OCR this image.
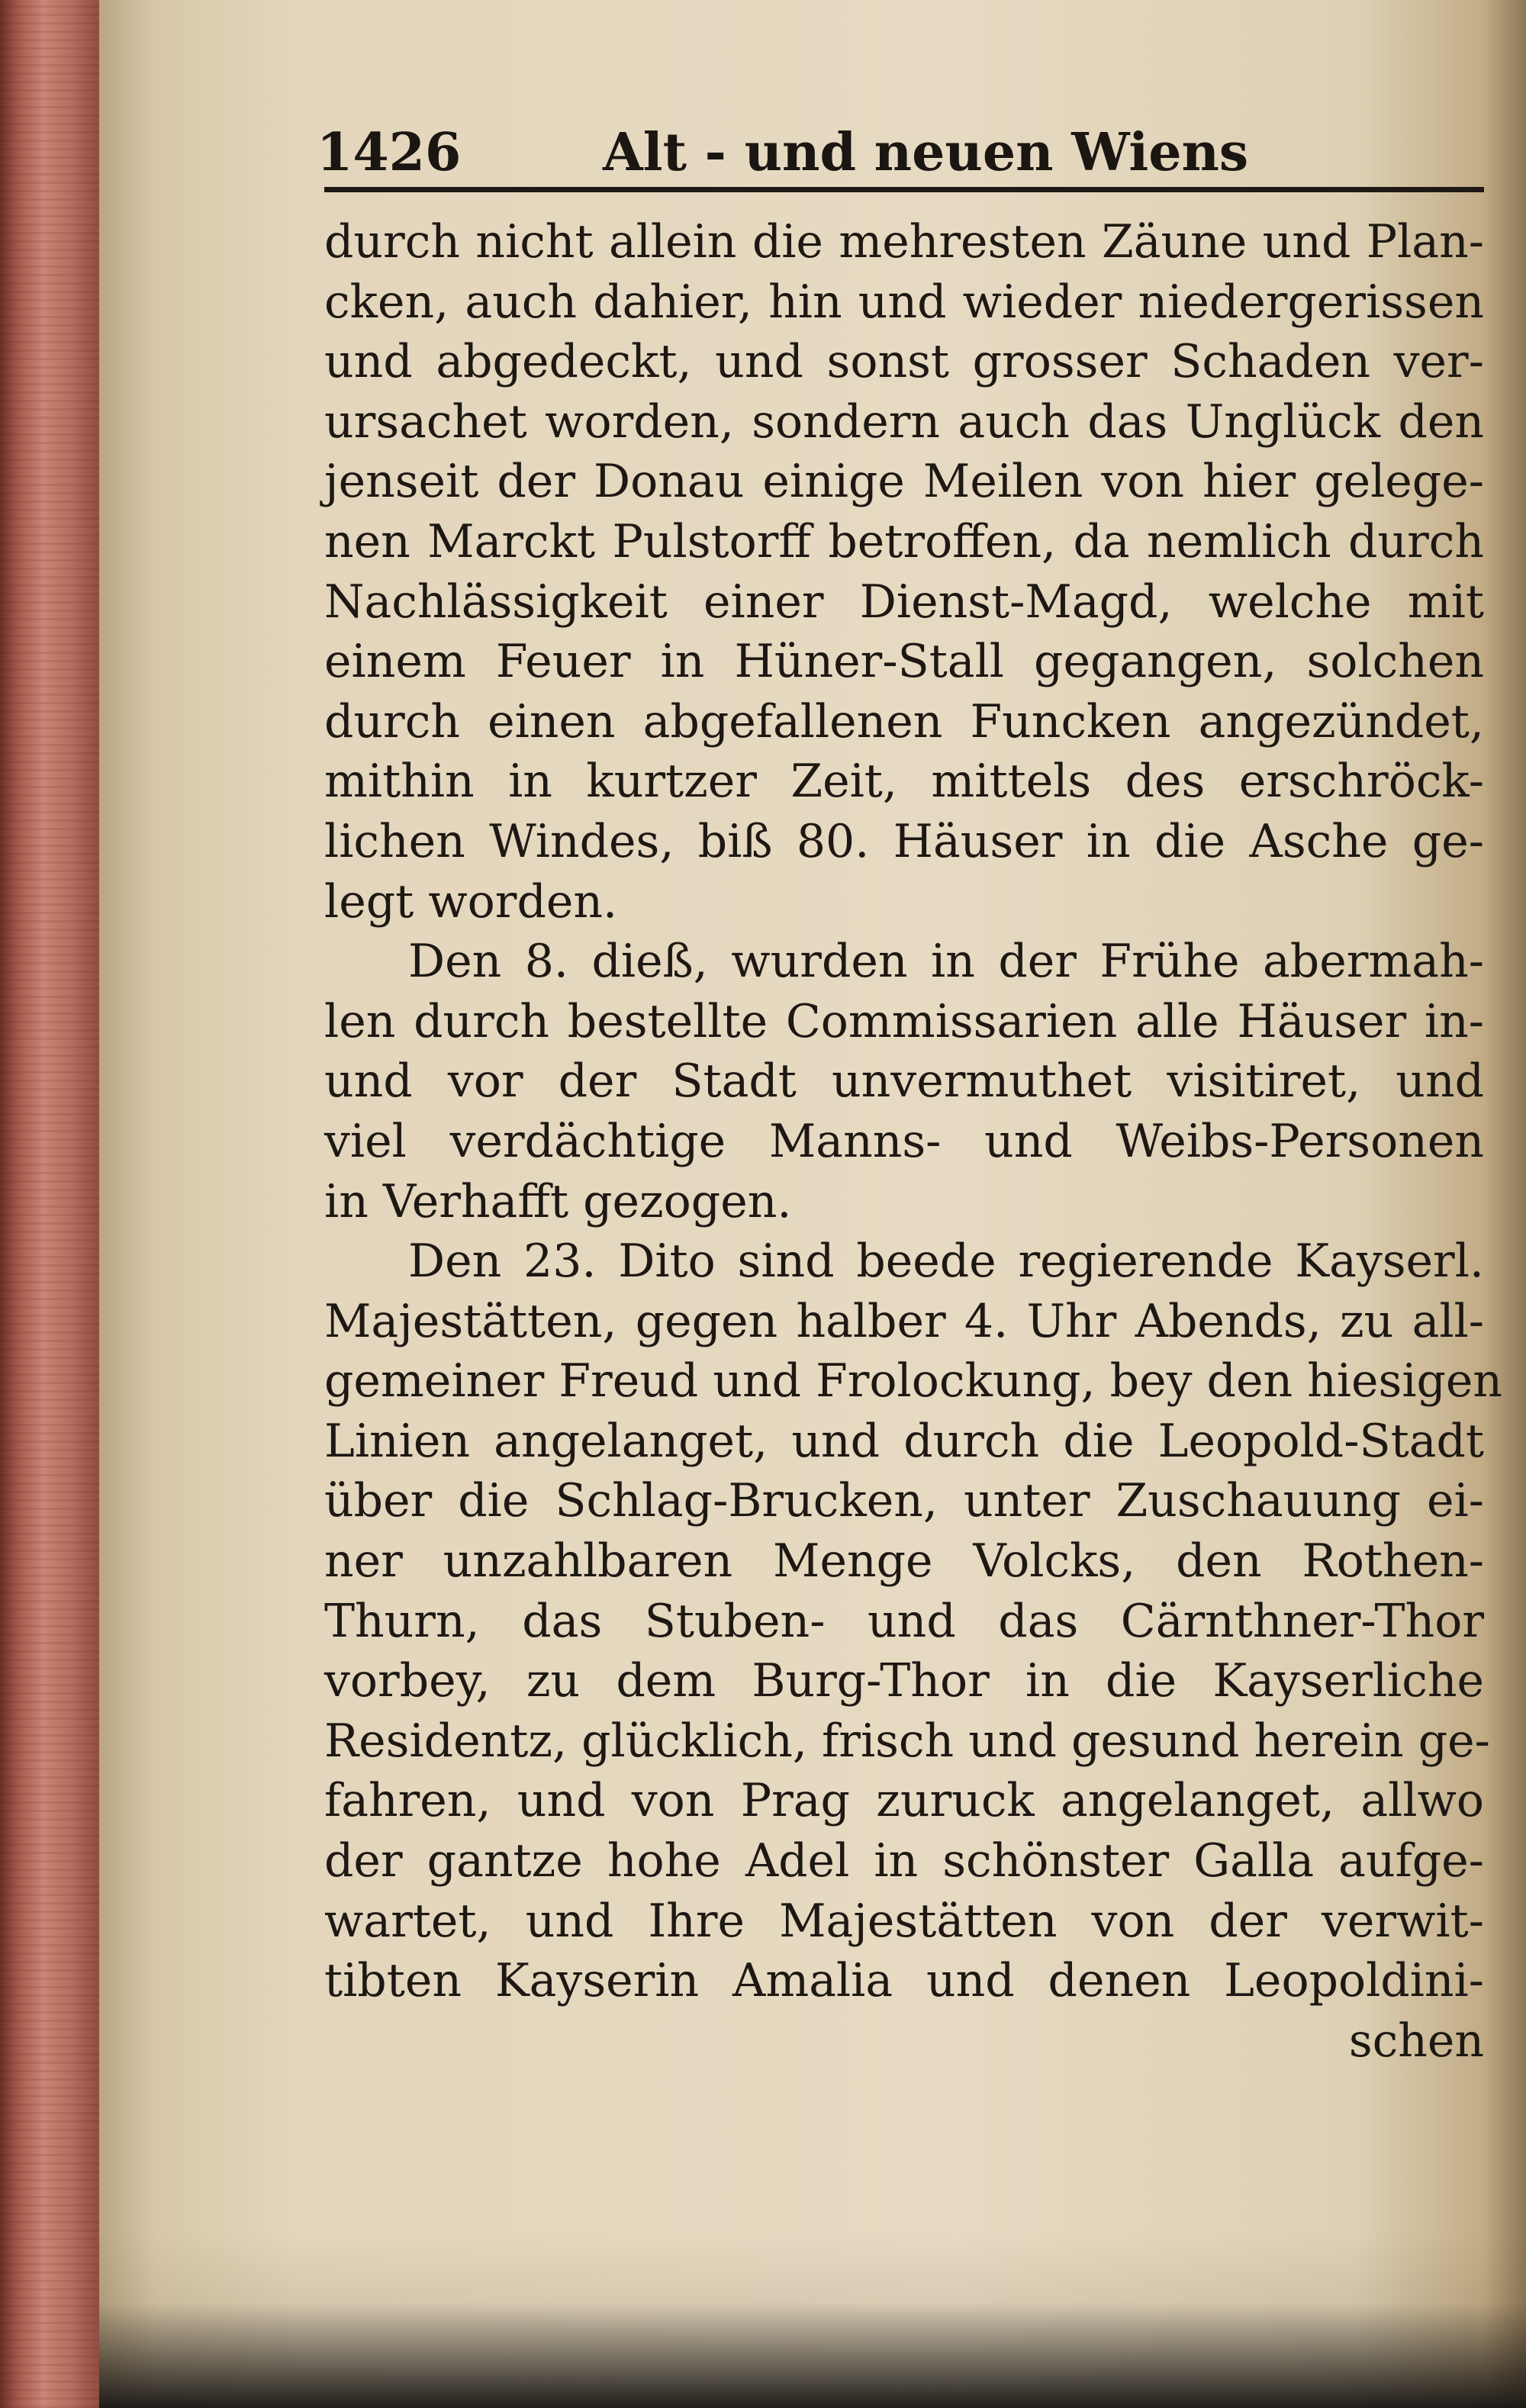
1426	Alt - und neuen Wiens
durch nicht allein die mehresten Zäune und Plan-
cken, auch dahier, hin und wieder niedergerissen
und abgedeckt, und sonst grosser Schaden ver-
ursachet worden, sondern auch das Unglück den
jenseit der Donau einige Meilen von hier gelege-
nen Marckt Pulstorff betroffen, da nemlich durch
Nachlässigkeit einer Dienst-Magd, welche mit
einem Feuer in Hüner-Stall gegangen, solchen
durch einen abgefallenen Funcken angezündet,
mithin in kurtzer Zeit, mittels des erschröck-
lichen Windes, biß 80. Häuser in die Asche ge-
legt worden.
Den 8. dieß, wurden in der Frühe abermah-
len durch bestellte Commissarien alle Häuser in-
und vor der Stadt unvermuthet visitiret, und
viel verdächtige Manns- und Weibs-Personen
in Verhafft gezogen.
Den 23. Dito sind beede regierende Kayserl.
Majestätten, gegen halber 4. Uhr Abends, zu all-
gemeiner Freud und Frolockung, bey den hiesigen
Linien angelanget, und durch die Leopold-Stadt
über die Schlag-Brucken, unter Zuschauung ei-
ner unzahlbaren Menge Volcks, den Rothen-
Thurn, das Stuben- und das Cärnthner-Thor
vorbey, zu dem Burg-Thor in die Kayserliche
Residentz, glücklich, frisch und gesund herein ge-
fahren, und von Prag zuruck angelanget, allwo
der gantze hohe Adel in schönster Galla aufge-
wartet, und Ihre Majestätten von der verwit-
tibten Kayserin Amalia und denen Leopoldini-
schen
